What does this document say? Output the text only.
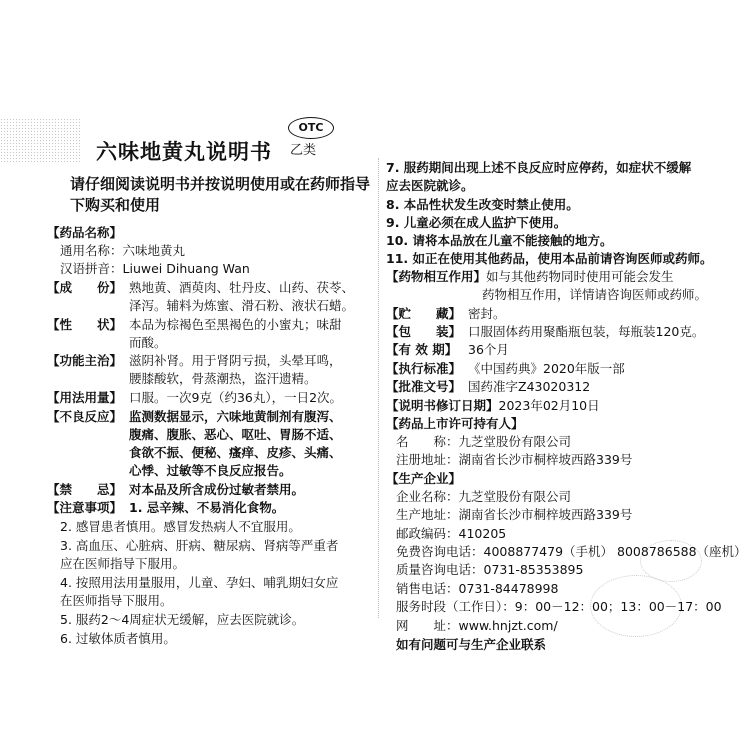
六味地黄丸说明书
OTC
乙类
请仔细阅读说明书并按说明使用或在药师指导下购买和使用
【药品名称】
通用名称：六味地黄丸
汉语拼音：Liuwei Dihuang Wan
【成　　份】 熟地黄、酒萸肉、牡丹皮、山药、茯苓、
泽泻。辅料为炼蜜、滑石粉、液状石蜡。
【性　　状】 本品为棕褐色至黑褐色的小蜜丸；味甜
而酸。
【功能主治】 滋阴补肾。用于肾阴亏损，头晕耳鸣，
腰膝酸软，骨蒸潮热，盗汗遗精。
【用法用量】 口服。一次9克（约36丸），一日2次。
【不良反应】 监测数据显示，六味地黄制剂有腹泻、
腹痛、腹胀、恶心、呕吐、胃肠不适、
食欲不振、便秘、瘙痒、皮疹、头痛、
心悸、过敏等不良反应报告。
【禁　　忌】 对本品及所含成份过敏者禁用。
【注意事项】 1. 忌辛辣、不易消化食物。
2. 感冒患者慎用。感冒发热病人不宜服用。
3. 高血压、心脏病、肝病、糖尿病、肾病等严重者
应在医师指导下服用。
4. 按照用法用量服用，儿童、孕妇、哺乳期妇女应
在医师指导下服用。
5. 服药2～4周症状无缓解，应去医院就诊。
6. 过敏体质者慎用。
7. 服药期间出现上述不良反应时应停药，如症状不缓解
应去医院就诊。
8. 本品性状发生改变时禁止使用。
9. 儿童必须在成人监护下使用。
10. 请将本品放在儿童不能接触的地方。
11. 如正在使用其他药品，使用本品前请咨询医师或药师。
【药物相互作用】如与其他药物同时使用可能会发生
药物相互作用，详情请咨询医师或药师。
【贮　　藏】 密封。
【包　　装】 口服固体药用聚酯瓶包装，每瓶装120克。
【有 效 期】 36个月
【执行标准】 《中国药典》2020年版一部
【批准文号】 国药准字Z43020312
【说明书修订日期】2023年02月10日
【药品上市许可持有人】
名　　称：九芝堂股份有限公司
注册地址：湖南省长沙市桐梓坡西路339号
【生产企业】
企业名称：九芝堂股份有限公司
生产地址：湖南省长沙市桐梓坡西路339号
邮政编码：410205
免费咨询电话：4008877479（手机） 8008786588（座机）
质量咨询电话：0731-85353895
销售电话：0731-84478998
服务时段（工作日）：9：00－12：00；13：00－17：00
网　　址：www.hnjzt.com/
如有问题可与生产企业联系
